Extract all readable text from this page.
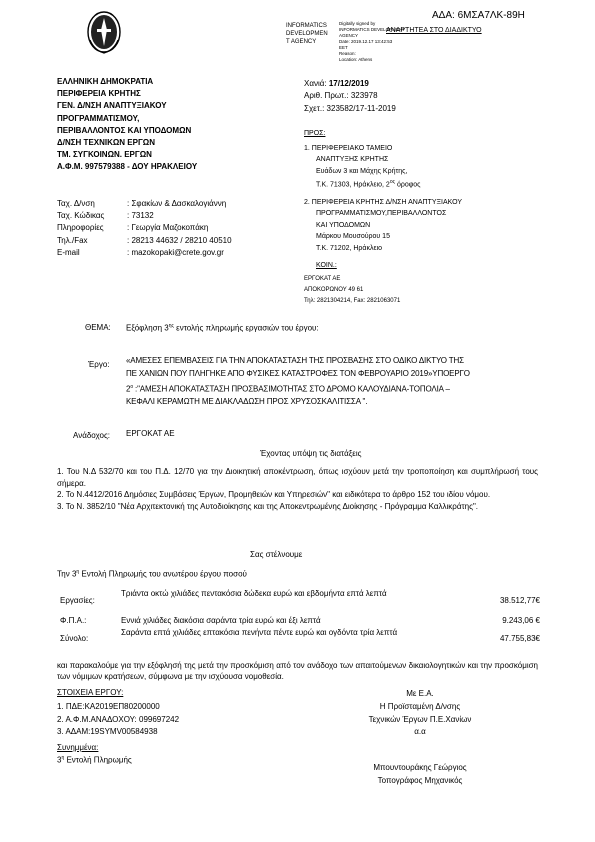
ΑΔΑ: 6ΜΣΑ7ΛΚ-89Η
INFORMATICS
DEVELOPMEN
T AGENCY
Digitally signed by
INFORMATICS DEVELOPMENT
AGENCY
Date: 2019.12.17 13:42:53
EET
Reason:
Location: Athens
ΑΝΑΡΤΗΤΕΑ ΣΤΟ ΔΙΑΔΙΚΤΥΟ
ΕΛΛΗΝΙΚΗ ΔΗΜΟΚΡΑΤΙΑ
ΠΕΡΙΦΕΡΕΙΑ ΚΡΗΤΗΣ
ΓΕΝ. Δ/ΝΣΗ ΑΝΑΠΤΥΞΙΑΚΟΥ
ΠΡΟΓΡΑΜΜΑΤΙΣΜΟΥ,
ΠΕΡΙΒΑΛΛΟΝΤΟΣ ΚΑΙ ΥΠΟΔΟΜΩΝ
Δ/ΝΣΗ ΤΕΧΝΙΚΩΝ ΕΡΓΩΝ
ΤΜ. ΣΥΓΚΟΙΝΩΝ. ΕΡΓΩΝ
Α.Φ.Μ. 997579388 - ΔΟΥ ΗΡΑΚΛΕΙΟΥ
Χανιά: 17/12/2019
Αριθ. Πρωτ.: 323978
Σχετ.: 323582/17-11-2019
ΠΡΟΣ:
1. ΠΕΡΙΦΕΡΕΙΑΚΟ ΤΑΜΕΙΟ
ΑΝΑΠΤΥΞΗΣ ΚΡΗΤΗΣ
Ευάδων 3 και Μάχης Κρήτης,
Τ.Κ. 71303, Ηράκλειο, $2^{o\varsigma}$ όροφος
2. ΠΕΡΙΦΕΡΕΙΑ ΚΡΗΤΗΣ Δ/ΝΣΗ ΑΝΑΠΤΥΞΙΑΚΟΥ
ΠΡΟΓΡΑΜΜΑΤΙΣΜΟΥ,ΠΕΡΙΒΑΛΛΟΝΤΟΣ
ΚΑΙ ΥΠΟΔΟΜΩΝ
Μάρκου Μουσούρου 15
Τ.Κ. 71202, Ηράκλειο
ΚΟΙΝ.:
ΕΡΓΟΚΑΤ ΑΕ
ΑΠΟΚΟΡΩΝΟΥ 49 61
Τηλ: 2821304214, Fax: 2821063071
Ταχ. Δ/νση	: Σφακίων & Δασκαλογιάννη
Ταχ. Κώδικας	: 73132
Πληροφορίες	: Γεωργία Μαζοκοπάκη
Τηλ./Fax	: 28213 44632 / 28210 40510
E-mail	: mazokopaki@crete.gov.gr
ΘΕΜΑ: Εξόφληση $3^{\eta\varsigma}$ εντολής πληρωμής εργασιών του έργου:
Έργο: «ΑΜΕΣΕΣ ΕΠΕΜΒΑΣΕΙΣ ΓΙΑ ΤΗΝ ΑΠΟΚΑΤΑΣΤΑΣΗ ΤΗΣ ΠΡΟΣΒΑΣΗΣ ΣΤΟ ΟΔΙΚΟ ΔΙΚΤΥΟ ΤΗΣ
ΠΕ ΧΑΝΙΩΝ ΠΟΥ ΠΛΗΓΗΚΕ ΑΠΟ ΦΥΣΙΚΕΣ ΚΑΤΑΣΤΡΟΦΕΣ ΤΟΝ ΦΕΒΡΟΥΑΡΙΟ 2019»ΥΠΟΕΡΓΟ
$2^o$ :"ΑΜΕΣΗ ΑΠΟΚΑΤΑΣΤΑΣΗ ΠΡΟΣΒΑΣΙΜΟΤΗΤΑΣ ΣΤΟ ΔΡΟΜΟ ΚΑΛΟΥΔΙΑΝΑ-ΤΟΠΟΛΙΑ –
ΚΕΦΑΛΙ ΚΕΡΑΜΩΤΗ ΜΕ ΔΙΑΚΛΑΔΩΣΗ ΠΡΟΣ ΧΡΥΣΟΣΚΑΛΙΤΙΣΣΑ ".
Ανάδοχος: ΕΡΓΟΚΑΤ ΑΕ
Έχοντας υπόψη τις διατάξεις
1. Του Ν.Δ 532/70 και του Π.Δ. 12/70 για την Διοικητική αποκέντρωση, όπως ισχύουν μετά την τροποποίηση και συμπλήρωσή τους σήμερα.
2. Το Ν.4412/2016 Δημόσιες Συμβάσεις Έργων, Προμηθειών και Υπηρεσιών" και ειδικότερα το άρθρο 152 του ιδίου νόμου.
3. Το Ν. 3852/10 "Νέα Αρχιτεκτονική της Αυτοδιοίκησης και της Αποκεντρωμένης Διοίκησης - Πρόγραμμα Καλλικράτης".
Σας στέλνουμε
Την $3^\eta$ Εντολή Πληρωμής του ανωτέρου έργου ποσού
Εργασίες:
Τριάντα οκτώ χιλιάδες πεντακόσια δώδεκα ευρώ και εβδομήντα επτά λεπτά
38.512,77€
Φ.Π.Α.:	Εννιά χιλιάδες διακόσια σαράντα τρία ευρώ και έξι λεπτά	9.243,06 €
Σύνολο:
Σαράντα επτά χιλιάδες επτακόσια πενήντα πέντε ευρώ και ογδόντα τρία λεπτά
47.755,83€
και παρακαλούμε για την εξόφλησή της μετά την προσκόμιση από τον ανάδοχο των απαιτούμενων δικαιολογητικών και την προσκόμιση των νόμιμων κρατήσεων, σύμφωνα με την ισχύουσα νομοθεσία.
ΣΤΟΙΧΕΙΑ ΕΡΓΟΥ:
1. ΠΔΕ:ΚΑ2019ΕΠ80200000
2. Α.Φ.Μ.ΑΝΑΔΟΧΟΥ: 099697242
3. ΑΔΑΜ:19SYMV00584938
Συνημμένα:
$3^\eta$ Εντολή Πληρωμής
Με Ε.Α.
Η Προϊσταμένη Δ/νσης
Τεχνικών Έργων Π.Ε.Χανίων
α.α
Μπουντουράκης Γεώργιος
Τοπογράφος Μηχανικός
